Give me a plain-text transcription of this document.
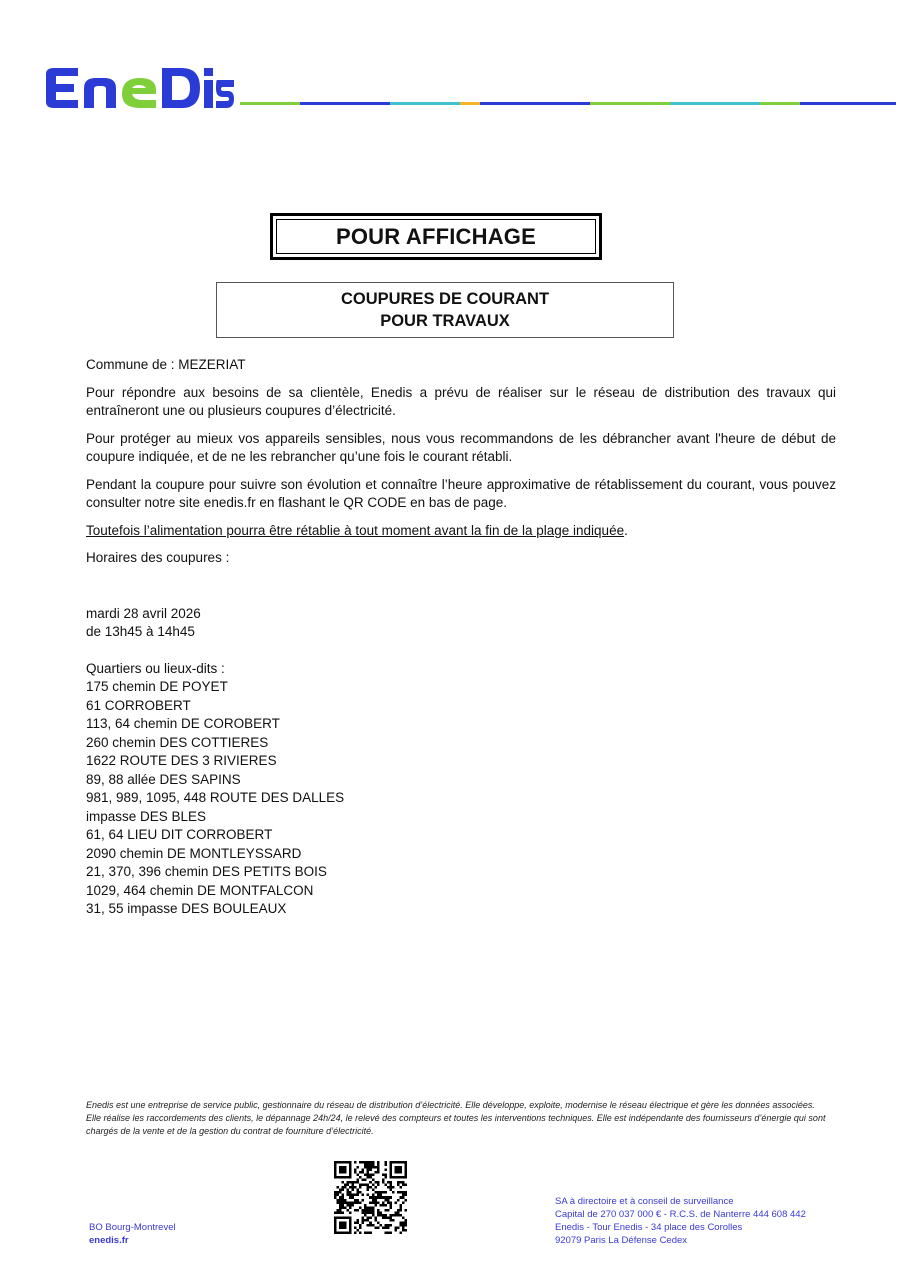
POUR AFFICHAGE
COUPURES DE COURANT
POUR TRAVAUX

Commune de : MEZERIAT

Pour répondre aux besoins de sa clientèle, Enedis a prévu de réaliser sur le réseau de distribution des travaux qui entraîneront une ou plusieurs coupures d’électricité.

Pour protéger au mieux vos appareils sensibles, nous vous recommandons de les débrancher avant l'heure de début de coupure indiquée, et de ne les rebrancher qu’une fois le courant rétabli.

Pendant la coupure pour suivre son évolution et connaître l’heure approximative de rétablissement du courant, vous pouvez consulter notre site enedis.fr en flashant le QR CODE en bas de page.

Toutefois l’alimentation pourra être rétablie à tout moment avant la fin de la plage indiquée.

Horaires des coupures :

mardi 28 avril 2026
de 13h45 à 14h45
Quartiers ou lieux-dits :
175 chemin DE POYET
61 CORROBERT
113, 64 chemin DE COROBERT
260 chemin DES COTTIERES
1622 ROUTE DES 3 RIVIERES
89, 88 allée DES SAPINS
981, 989, 1095, 448 ROUTE DES DALLES
impasse DES BLES
61, 64 LIEU DIT CORROBERT
2090 chemin DE MONTLEYSSARD
21, 370, 396 chemin DES PETITS BOIS
1029, 464 chemin DE MONTFALCON
31, 55 impasse DES BOULEAUX
Enedis est une entreprise de service public, gestionnaire du réseau de distribution d’électricité. Elle développe, exploite, modernise le réseau électrique et gère les données associées. Elle réalise les raccordements des clients, le dépannage 24h/24, le relevé des compteurs et toutes les interventions techniques. Elle est indépendante des fournisseurs d’énergie qui sont chargés de la vente et de la gestion du contrat de fourniture d’électricité.
BO Bourg-Montrevel
enedis.fr
SA à directoire et à conseil de surveillance
Capital de 270 037 000 € - R.C.S. de Nanterre 444 608 442
Enedis - Tour Enedis - 34 place des Corolles
92079 Paris La Défense Cedex
